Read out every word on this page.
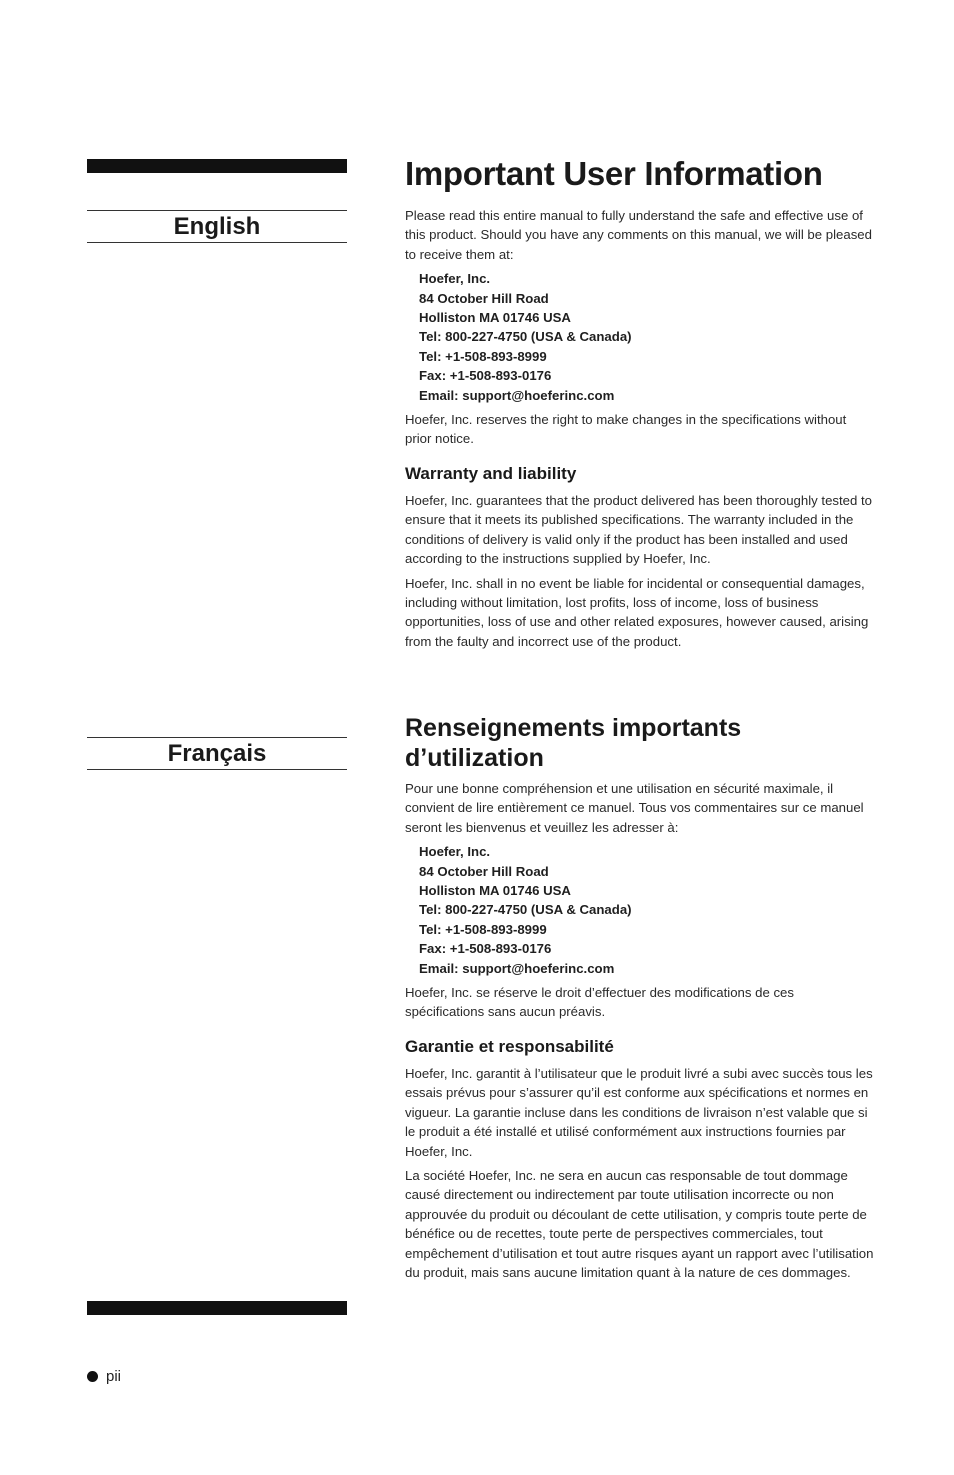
English
Français
Important User Information

Please read this entire manual to fully understand the safe and effective use of this product. Should you have any comments on this manual, we will be pleased to receive them at:

Hoefer, Inc.
84 October Hill Road
Holliston MA 01746 USA
Tel: 800-227-4750 (USA & Canada)
Tel: +1-508-893-8999
Fax: +1-508-893-0176
Email: support@hoeferinc.com

Hoefer, Inc. reserves the right to make changes in the specifications without prior notice.

Warranty and liability

Hoefer, Inc. guarantees that the product delivered has been thoroughly tested to ensure that it meets its published specifications. The warranty included in the conditions of delivery is valid only if the product has been installed and used according to the instructions supplied by Hoefer, Inc.

Hoefer, Inc. shall in no event be liable for incidental or consequential damages, including without limitation, lost profits, loss of income, loss of business opportunities, loss of use and other related exposures, however caused, arising from the faulty and incorrect use of the product.

Renseignements importants d’utilization

Pour une bonne compréhension et une utilisation en sécurité maximale, il convient de lire entièrement ce manuel. Tous vos commentaires sur ce manuel seront les bienvenus et veuillez les adresser à:

Hoefer, Inc.
84 October Hill Road
Holliston MA 01746 USA
Tel: 800-227-4750 (USA & Canada)
Tel: +1-508-893-8999
Fax: +1-508-893-0176
Email: support@hoeferinc.com

Hoefer, Inc. se réserve le droit d’effectuer des modifications de ces spécifications sans aucun préavis.

Garantie et responsabilité

Hoefer, Inc. garantit à l’utilisateur que le produit livré a subi avec succès tous les essais prévus pour s’assurer qu’il est conforme aux spécifications et normes en vigueur. La garantie incluse dans les conditions de livraison n’est valable que si le produit a été installé et utilisé conformément aux instructions fournies par Hoefer, Inc.

La société Hoefer, Inc. ne sera en aucun cas responsable de tout dommage causé directement ou indirectement par toute utilisation incorrecte ou non approuvée du produit ou découlant de cette utilisation, y compris toute perte de bénéfice ou de recettes, toute perte de perspectives commerciales, tout empêchement d’utilisation et tout autre risques ayant un rapport avec l’utilisation du produit, mais sans aucune limitation quant à la nature de ces dommages.

pii
